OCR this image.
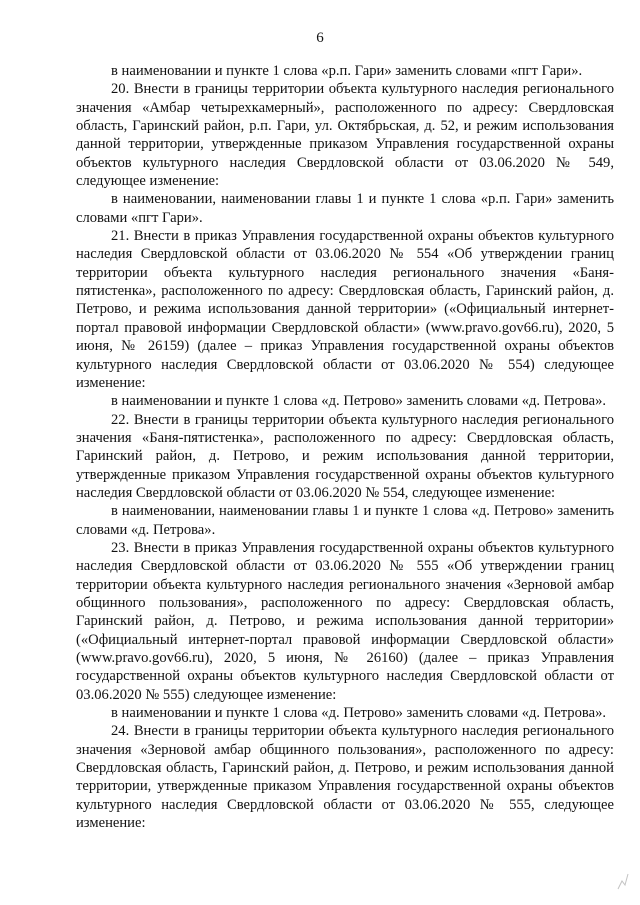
6

в наименовании и пункте 1 слова «р.п. Гари» заменить словами «пгт Гари».

20. Внести в границы территории объекта культурного наследия регионального значения «Амбар четырехкамерный», расположенного по адресу: Свердловская область, Гаринский район, р.п. Гари, ул. Октябрьская, д. 52, и режим использования данной территории, утвержденные приказом Управления государственной охраны объектов культурного наследия Свердловской области от 03.06.2020 № 549, следующее изменение:

в наименовании, наименовании главы 1 и пункте 1 слова «р.п. Гари» заменить словами «пгт Гари».

21. Внести в приказ Управления государственной охраны объектов культурного наследия Свердловской области от 03.06.2020 № 554 «Об утверждении границ территории объекта культурного наследия регионального значения «Баня-пятистенка», расположенного по адресу: Свердловская область, Гаринский район, д. Петрово, и режима использования данной территории» («Официальный интернет-портал правовой информации Свердловской области» (www.pravo.gov66.ru), 2020, 5 июня, № 26159) (далее – приказ Управления государственной охраны объектов культурного наследия Свердловской области от 03.06.2020 № 554) следующее изменение:

в наименовании и пункте 1 слова «д. Петрово» заменить словами «д. Петрова».

22. Внести в границы территории объекта культурного наследия регионального значения «Баня-пятистенка», расположенного по адресу: Свердловская область, Гаринский район, д. Петрово, и режим использования данной территории, утвержденные приказом Управления государственной охраны объектов культурного наследия Свердловской области от 03.06.2020 № 554, следующее изменение:

в наименовании, наименовании главы 1 и пункте 1 слова «д. Петрово» заменить словами «д. Петрова».

23. Внести в приказ Управления государственной охраны объектов культурного наследия Свердловской области от 03.06.2020 № 555 «Об утверждении границ территории объекта культурного наследия регионального значения «Зерновой амбар общинного пользования», расположенного по адресу: Свердловская область, Гаринский район, д. Петрово, и режима использования данной территории» («Официальный интернет-портал правовой информации Свердловской области» (www.pravo.gov66.ru), 2020, 5 июня, № 26160) (далее – приказ Управления государственной охраны объектов культурного наследия Свердловской области от 03.06.2020 № 555) следующее изменение:

в наименовании и пункте 1 слова «д. Петрово» заменить словами «д. Петрова».

24. Внести в границы территории объекта культурного наследия регионального значения «Зерновой амбар общинного пользования», расположенного по адресу: Свердловская область, Гаринский район, д. Петрово, и режим использования данной территории, утвержденные приказом Управления государственной охраны объектов культурного наследия Свердловской области от 03.06.2020 № 555, следующее изменение:
